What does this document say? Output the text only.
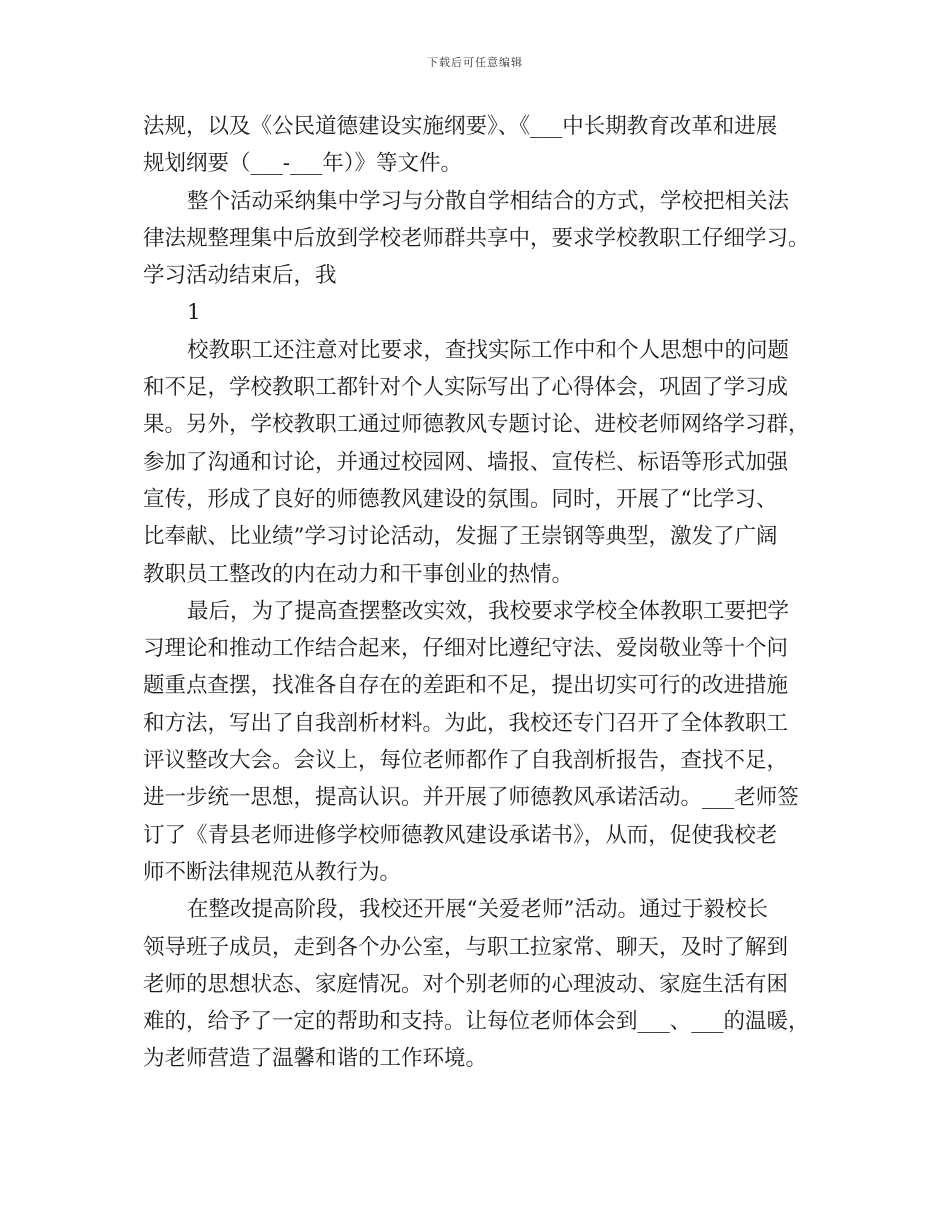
下载后可任意编辑
法规，以及《公民道德建设实施纲要》、《___中长期教育改革和进展
规划纲要（___-___年）》等文件。
整个活动采纳集中学习与分散自学相结合的方式，学校把相关法
律法规整理集中后放到学校老师群共享中，要求学校教职工仔细学习。
学习活动结束后，我
1
校教职工还注意对比要求，查找实际工作中和个人思想中的问题
和不足，学校教职工都针对个人实际写出了心得体会，巩固了学习成
果。另外，学校教职工通过师德教风专题讨论、进校老师网络学习群，
参加了沟通和讨论，并通过校园网、墙报、宣传栏、标语等形式加强
宣传，形成了良好的师德教风建设的氛围。同时，开展了“比学习、
比奉献、比业绩”学习讨论活动，发掘了王崇钢等典型，激发了广阔
教职员工整改的内在动力和干事创业的热情。
最后，为了提高查摆整改实效，我校要求学校全体教职工要把学
习理论和推动工作结合起来，仔细对比遵纪守法、爱岗敬业等十个问
题重点查摆，找准各自存在的差距和不足，提出切实可行的改进措施
和方法，写出了自我剖析材料。为此，我校还专门召开了全体教职工
评议整改大会。会议上，每位老师都作了自我剖析报告，查找不足，
进一步统一思想，提高认识。并开展了师德教风承诺活动。___老师签
订了《青县老师进修学校师德教风建设承诺书》，从而，促使我校老
师不断法律规范从教行为。
在整改提高阶段，我校还开展“关爱老师”活动。通过于毅校长
领导班子成员，走到各个办公室，与职工拉家常、聊天，及时了解到
老师的思想状态、家庭情况。对个别老师的心理波动、家庭生活有困
难的，给予了一定的帮助和支持。让每位老师体会到___、___的温暖，
为老师营造了温馨和谐的工作环境。
